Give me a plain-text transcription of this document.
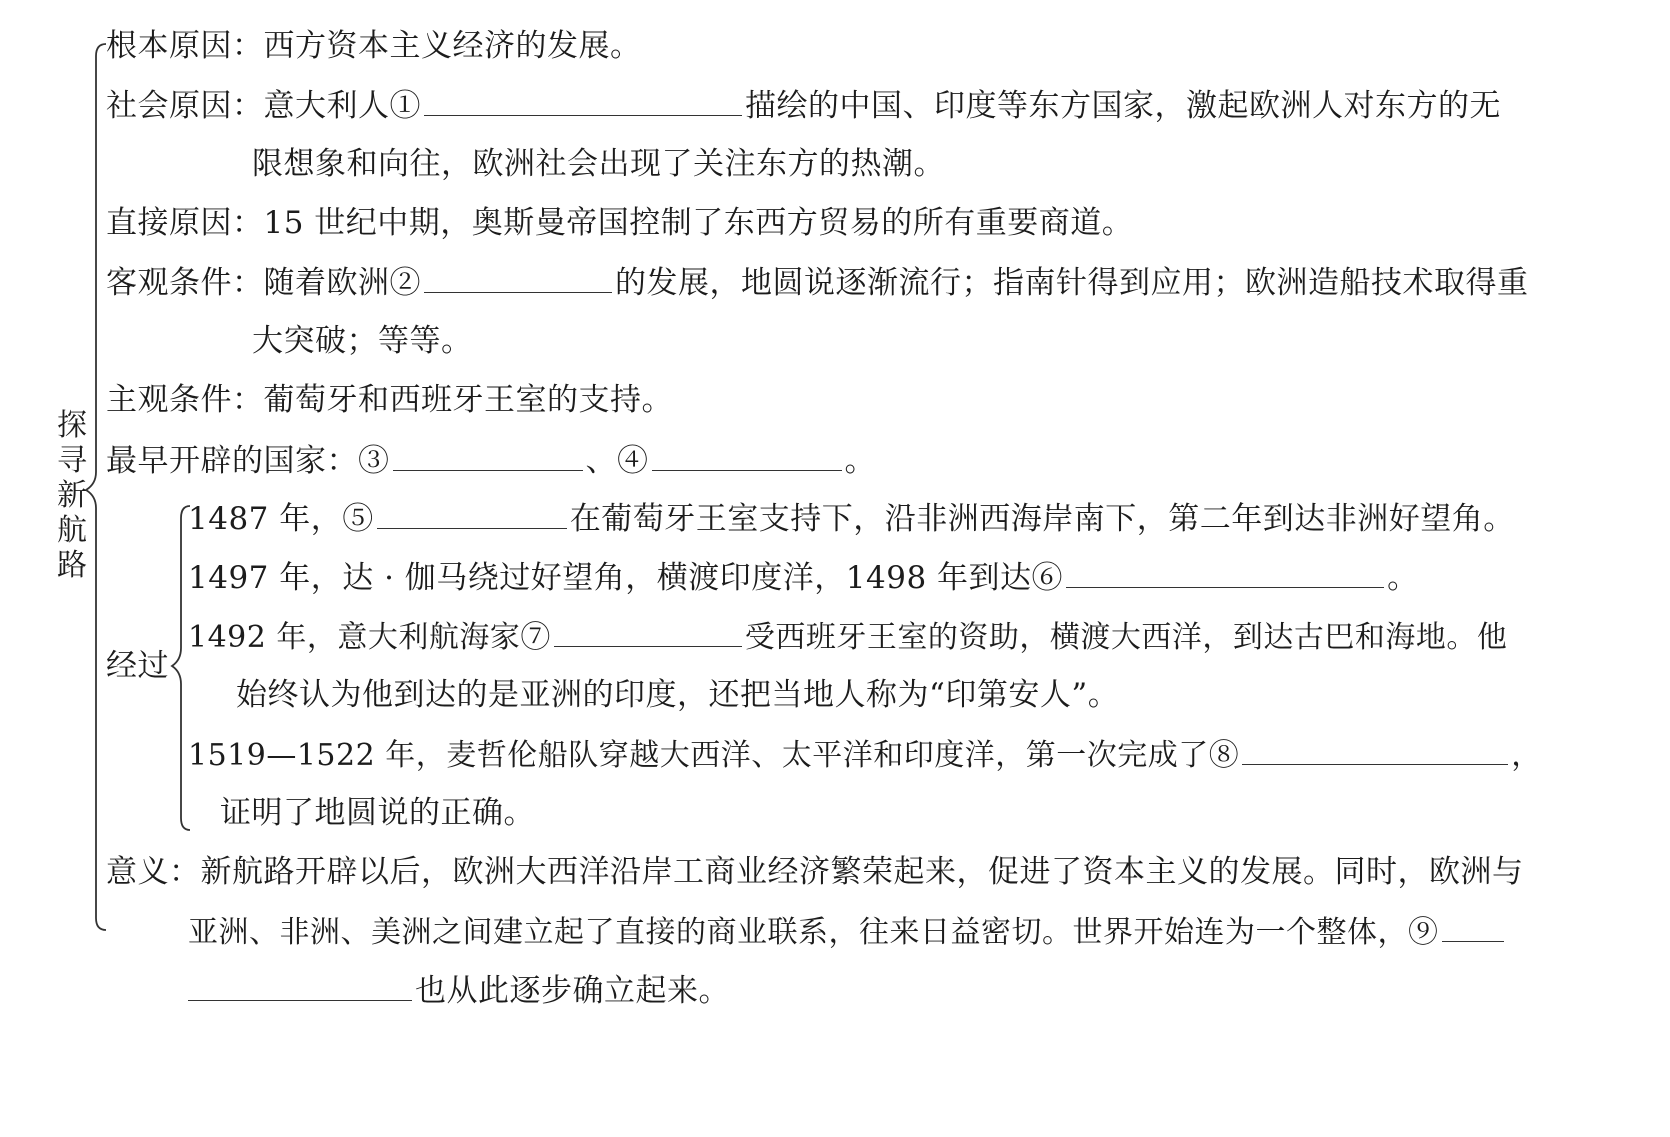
探
寻
新
航
路
根本原因：西方资本主义经济的发展。
社会原因：意大利人①	描绘的中国、印度等东方国家，激起欧洲人对东方的无
限想象和向往，欧洲社会出现了关注东方的热潮。
直接原因：15 世纪中期，奥斯曼帝国控制了东西方贸易的所有重要商道。
客观条件：随着欧洲②	的发展，地圆说逐渐流行；指南针得到应用；欧洲造船技术取得重
大突破；等等。
主观条件：葡萄牙和西班牙王室的支持。
最早开辟的国家：③	、④	。
经过
1487 年，⑤	在葡萄牙王室支持下，沿非洲西海岸南下，第二年到达非洲好望角。
1497 年，达 · 伽马绕过好望角，横渡印度洋，1498 年到达⑥	。
1492 年，意大利航海家⑦	受西班牙王室的资助，横渡大西洋，到达古巴和海地。他
始终认为他到达的是亚洲的印度，还把当地人称为“印第安人”。
1519—1522 年，麦哲伦船队穿越大西洋、太平洋和印度洋，第一次完成了⑧	，
证明了地圆说的正确。
意义：新航路开辟以后，欧洲大西洋沿岸工商业经济繁荣起来，促进了资本主义的发展。同时，欧洲与
亚洲、非洲、美洲之间建立起了直接的商业联系，往来日益密切。世界开始连为一个整体，⑨
也从此逐步确立起来。
